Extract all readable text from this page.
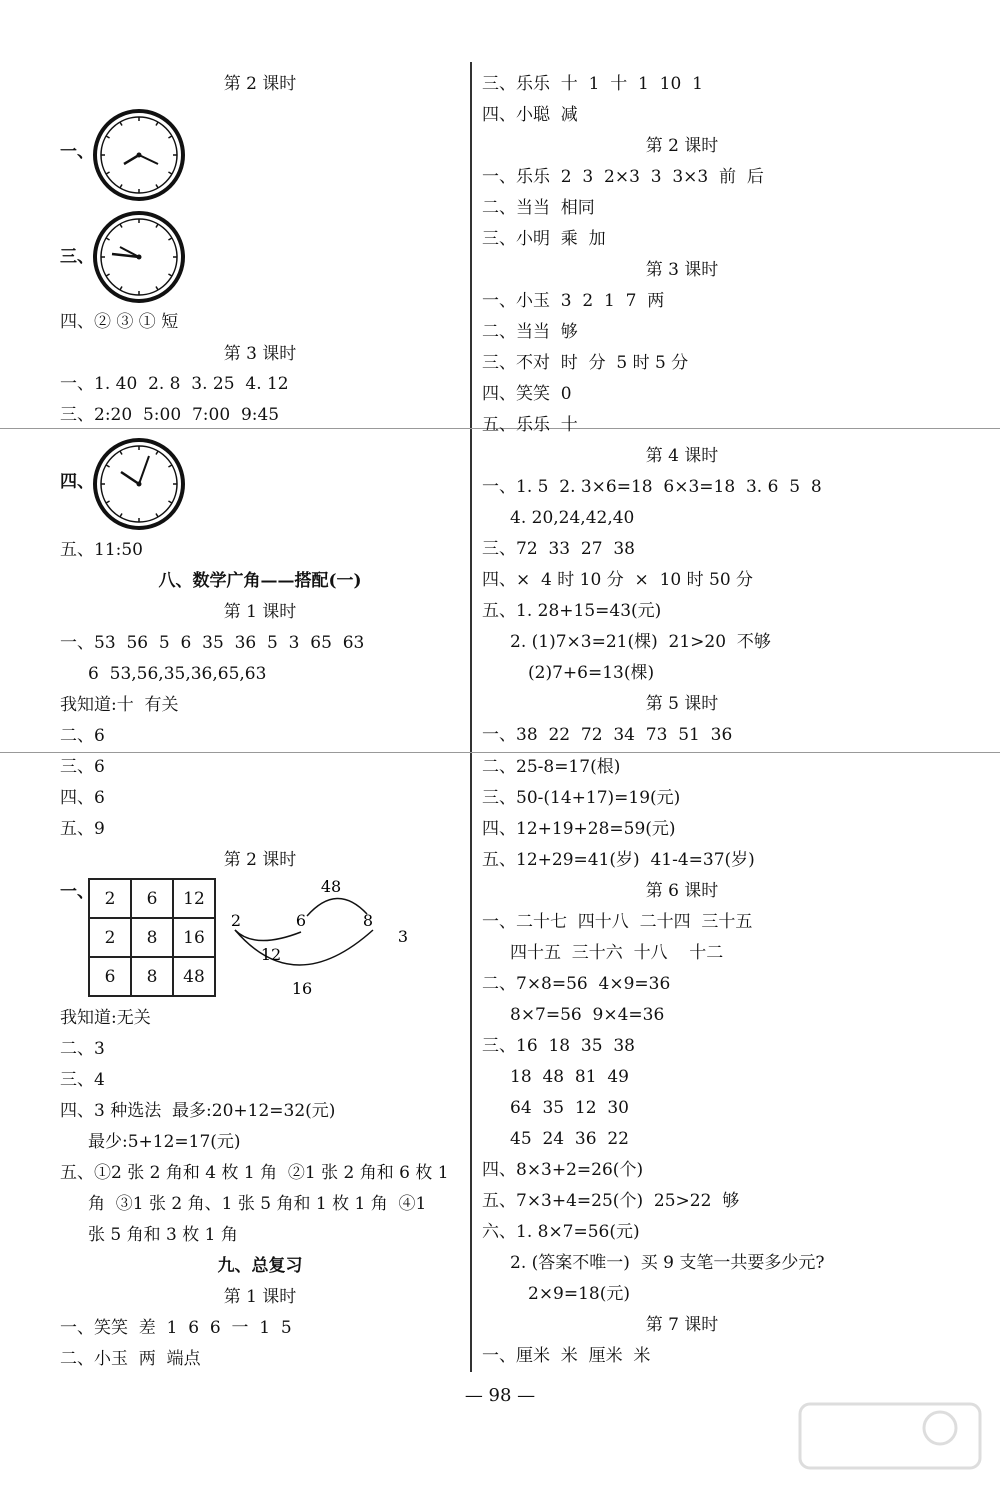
第 2 课时
一、
三、
四、② ③ ① 短
第 3 课时
一、1. 40  2. 8  3. 25  4. 12
三、2:20  5:00  7:00  9:45
四、
五、11:50
八、数学广角——搭配(一)
第 1 课时
一、53  56  5  6  35  36  5  3  65  63
6  53,56,35,36,65,63
我知道:十  有关
二、6
三、6
四、6
五、9
第 2 课时
一、 2	6	12
2	8	16
6	8	48
48
2	6	8
3
12
16
我知道:无关
二、3
三、4
四、3 种选法  最多:20+12=32(元)
最少:5+12=17(元)
五、①2 张 2 角和 4 枚 1 角  ②1 张 2 角和 6 枚 1
角  ③1 张 2 角、1 张 5 角和 1 枚 1 角  ④1
张 5 角和 3 枚 1 角
九、总复习
第 1 课时
一、笑笑  差  1  6  6  一  1  5
二、小玉  两  端点
三、乐乐  十  1  十  1  10  1
四、小聪  减
第 2 课时
一、乐乐  2  3  2×3  3  3×3  前  后
二、当当  相同
三、小明  乘  加
第 3 课时
一、小玉  3  2  1  7  两
二、当当  够
三、不对  时  分  5 时 5 分
四、笑笑  0
五、乐乐  十
第 4 课时
一、1. 5  2. 3×6=18  6×3=18  3. 6  5  8
4. 20,24,42,40
三、72  33  27  38
四、×  4 时 10 分  ×  10 时 50 分
五、1. 28+15=43(元)
2. (1)7×3=21(棵)  21>20  不够
(2)7+6=13(棵)
第 5 课时
一、38  22  72  34  73  51  36
二、25-8=17(根)
三、50-(14+17)=19(元)
四、12+19+28=59(元)
五、12+29=41(岁)  41-4=37(岁)
第 6 课时
一、二十七  四十八  二十四  三十五
四十五  三十六  十八    十二
二、7×8=56  4×9=36
8×7=56  9×4=36
三、16  18  35  38
18  48  81  49
64  35  12  30
45  24  36  22
四、8×3+2=26(个)
五、7×3+4=25(个)  25>22  够
六、1. 8×7=56(元)
2. (答案不唯一)  买 9 支笔一共要多少元?
2×9=18(元)
第 7 课时
一、厘米  米  厘米  米
— 98 —
